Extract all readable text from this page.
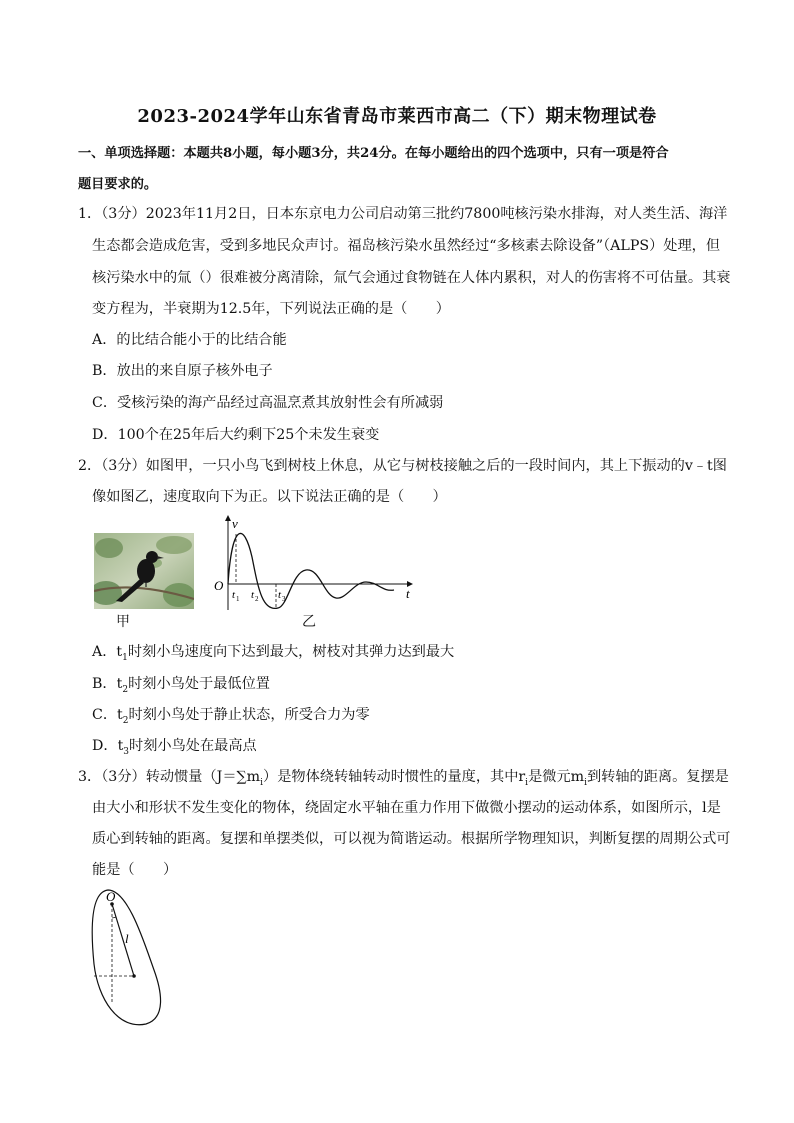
2023-2024学年山东省青岛市莱西市高二（下）期末物理试卷
一、单项选择题：本题共8小题，每小题3分，共24分。在每小题给出的四个选项中，只有一项是符合
题目要求的。
1．（3分）2023年11月2日，日本东京电力公司启动第三批约7800吨核污染水排海，对人类生活、海洋
生态都会造成危害，受到多地民众声讨。福岛核污染水虽然经过“多核素去除设备”（ALPS）处理，但
核污染水中的氚（）很难被分离清除，氚气会通过食物链在人体内累积，对人的伤害将不可估量。其衰
变方程为，半衰期为12.5年，下列说法正确的是（　　）
A．的比结合能小于的比结合能
B．放出的来自原子核外电子
C．受核污染的海产品经过高温烹煮其放射性会有所减弱
D．100个在25年后大约剩下25个未发生衰变
2．（3分）如图甲，一只小鸟飞到树枝上休息，从它与树枝接触之后的一段时间内，其上下振动的v﹣t图
像如图乙，速度取向下为正。以下说法正确的是（　　）
甲
v
O
t
t 1 t 2 t 3
乙
A．$t_1$时刻小鸟速度向下达到最大，树枝对其弹力达到最大
B．$t_2$时刻小鸟处于最低位置
C．$t_2$时刻小鸟处于静止状态，所受合力为零
D．$t_3$时刻小鸟处在最高点
3．（3分）转动惯量$(J=\sum m_i)$是物体绕转轴转动时惯性的量度，其中$r_i$是微元$m_i$到转轴的距离。复摆是
由大小和形状不发生变化的物体，绕固定水平轴在重力作用下做微小摆动的运动体系，如图所示，l是
质心到转轴的距离。复摆和单摆类似，可以视为简谐运动。根据所学物理知识，判断复摆的周期公式可
能是（　　）
O
l
